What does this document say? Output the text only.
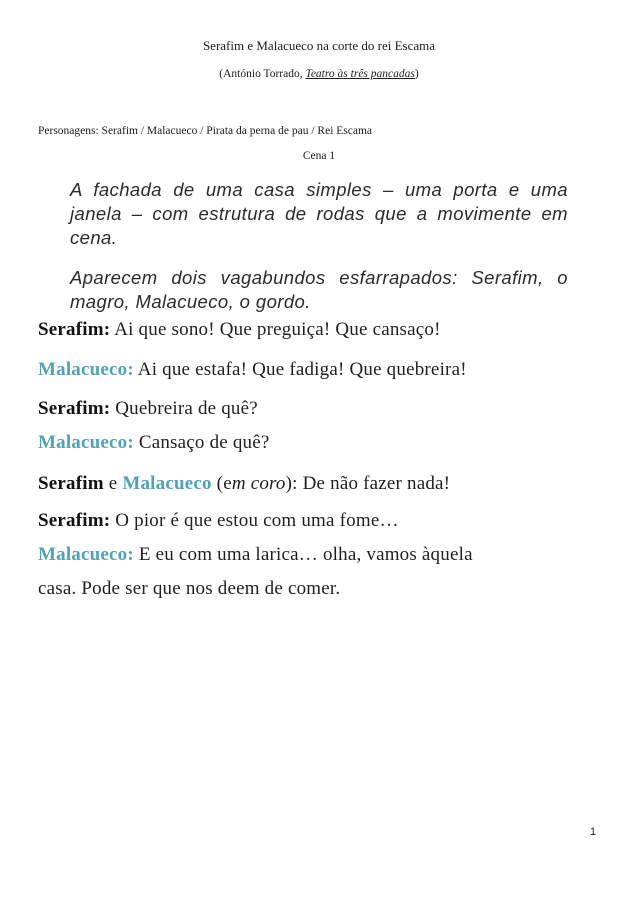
Serafim e Malacueco na corte do rei Escama
(António Torrado, Teatro às três pancadas)
Personagens: Serafim / Malacueco / Pirata da perna de pau / Rei Escama
Cena 1
A fachada de uma casa simples – uma porta e uma janela – com estrutura de rodas que a movimente em cena.
Aparecem dois vagabundos esfarrapados: Serafim, o magro, Malacueco, o gordo.
Serafim: Ai que sono! Que preguiça! Que cansaço!
Malacueco: Ai que estafa! Que fadiga! Que quebreira!
Serafim: Quebreira de quê?
Malacueco: Cansaço de quê?
Serafim e Malacueco (em coro): De não fazer nada!
Serafim: O pior é que estou com uma fome…
Malacueco: E eu com uma larica… olha, vamos àquela
casa. Pode ser que nos deem de comer.
1
